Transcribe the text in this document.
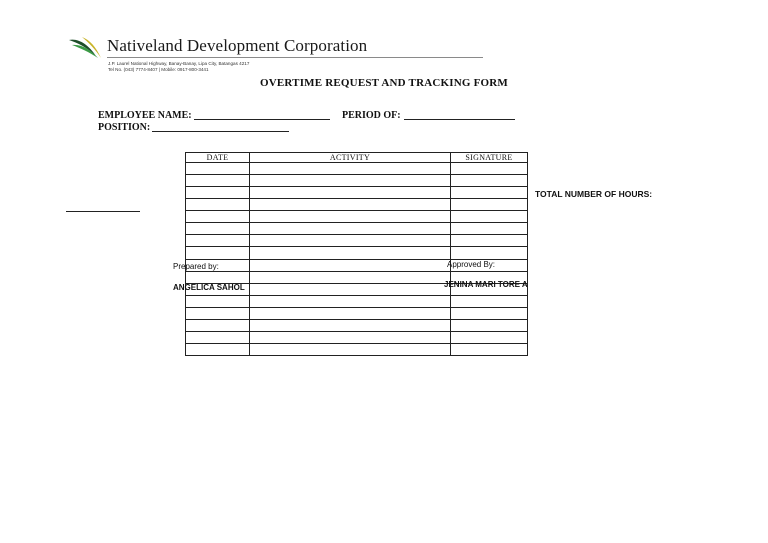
Nativeland Development Corporation
J.P. Laurel National Highway, Banay-Banay, Lipa City, Batangas 4217
Tel No. (043) 7774-8407 | Mobile: 0917-800-3441
OVERTIME REQUEST AND TRACKING FORM
EMPLOYEE NAME:	PERIOD OF:
POSITION:
DATE	ACTIVITY	SIGNATURE

TOTAL NUMBER OF HOURS:
Prepared by:
ANGELICA SAHOL
Approved By:
JENINA MARI TORE A
